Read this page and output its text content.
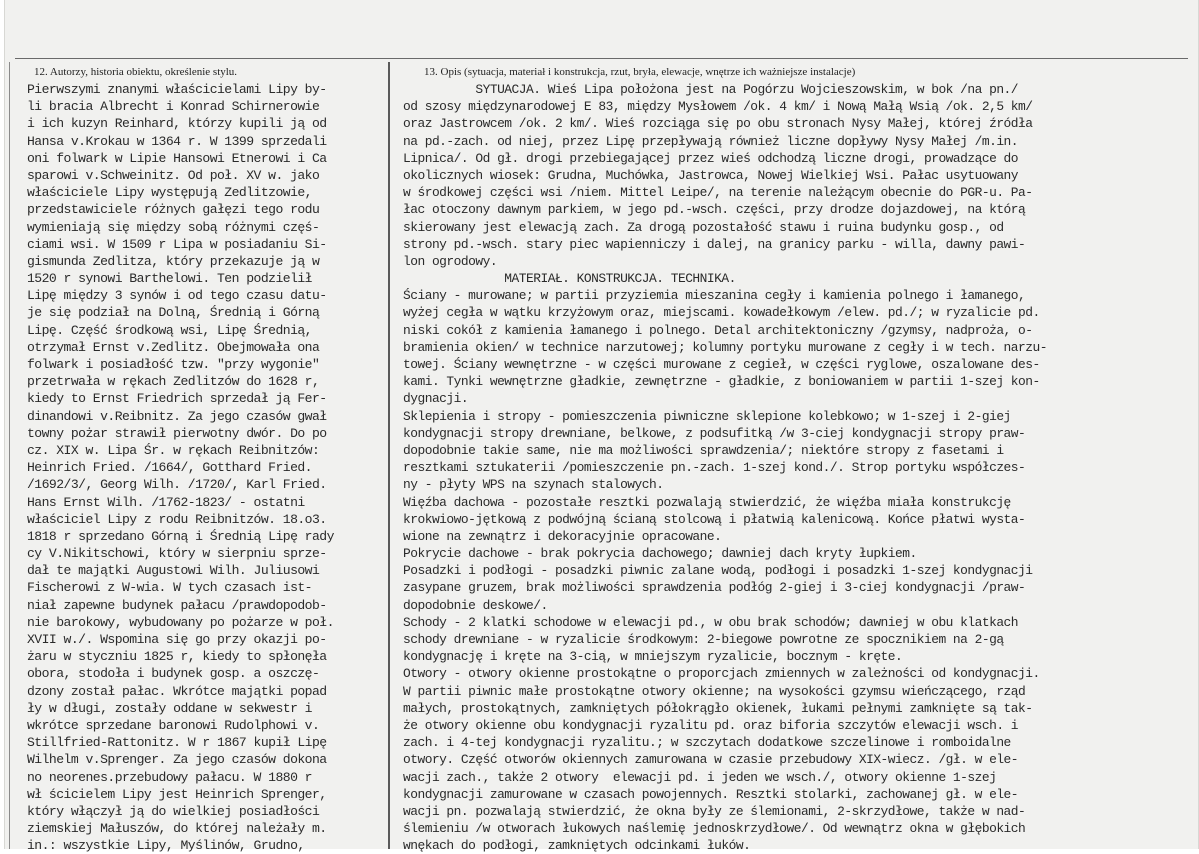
12. Autorzy, historia obiektu, określenie stylu.
Pierwszymi znanymi właścicielami Lipy by-
li bracia Albrecht i Konrad Schirnerowie
i ich kuzyn Reinhard, którzy kupili ją od
Hansa v.Krokau w 1364 r. W 1399 sprzedali
oni folwark w Lipie Hansowi Etnerowi i Ca
sparowi v.Schweinitz. Od poł. XV w. jako
właściciele Lipy występują Zedlitzowie,
przedstawiciele różnych gałęzi tego rodu
wymieniają się między sobą różnymi częś-
ciami wsi. W 1509 r Lipa w posiadaniu Si-
gismunda Zedlitza, który przekazuje ją w
1520 r synowi Barthelowi. Ten podzielił
Lipę między 3 synów i od tego czasu datu-
je się podział na Dolną, Średnią i Górną
Lipę. Część środkową wsi, Lipę Średnią,
otrzymał Ernst v.Zedlitz. Obejmowała ona
folwark i posiadłość tzw. "przy wygonie"
przetrwała w rękach Zedlitzów do 1628 r,
kiedy to Ernst Friedrich sprzedał ją Fer-
dinandowi v.Reibnitz. Za jego czasów gwał
towny pożar strawił pierwotny dwór. Do po
cz. XIX w. Lipa Śr. w rękach Reibnitzów:
Heinrich Fried. /1664/, Gotthard Fried.
/1692/3/, Georg Wilh. /1720/, Karl Fried.
Hans Ernst Wilh. /1762-1823/ - ostatni
właściciel Lipy z rodu Reibnitzów. 18.o3.
1818 r sprzedano Górną i Średnią Lipę rady
cy V.Nikitschowi, który w sierpniu sprze-
dał te majątki Augustowi Wilh. Juliusowi
Fischerowi z W-wia. W tych czasach ist-
niał zapewne budynek pałacu /prawdopodob-
nie barokowy, wybudowany po pożarze w poł.
XVII w./. Wspomina się go przy okazji po-
żaru w styczniu 1825 r, kiedy to spłonęła
obora, stodoła i budynek gosp. a oszczę-
dzony został pałac. Wkrótce majątki popad
ły w długi, zostały oddane w sekwestr i
wkrótce sprzedane baronowi Rudolphowi v.
Stillfried-Rattonitz. W r 1867 kupił Lipę
Wilhelm v.Sprenger. Za jego czasów dokona
no neorenes.przebudowy pałacu. W 1880 r
wł ścicielem Lipy jest Heinrich Sprenger,
który włączył ją do wielkiej posiadłości
ziemskiej Małuszów, do której należały m.
in.: wszystkie Lipy, Myślinów, Grudno,
13. Opis (sytuacja, materiał i konstrukcja, rzut, bryła, elewacje, wnętrze ich ważniejsze instalacje)
SYTUACJA. Wieś Lipa położona jest na Pogórzu Wojcieszowskim, w bok /na pn./
od szosy międzynarodowej E 83, między Mysłowem /ok. 4 km/ i Nową Małą Wsią /ok. 2,5 km/
oraz Jastrowcem /ok. 2 km/. Wieś rozciąga się po obu stronach Nysy Małej, której źródła
na pd.-zach. od niej, przez Lipę przepływają również liczne dopływy Nysy Małej /m.in.
Lipnica/. Od gł. drogi przebiegającej przez wieś odchodzą liczne drogi, prowadzące do
okolicznych wiosek: Grudna, Muchówka, Jastrowca, Nowej Wielkiej Wsi. Pałac usytuowany
w środkowej części wsi /niem. Mittel Leipe/, na terenie należącym obecnie do PGR-u. Pa-
łac otoczony dawnym parkiem, w jego pd.-wsch. części, przy drodze dojazdowej, na którą
skierowany jest elewacją zach. Za drogą pozostałość stawu i ruina budynku gosp., od
strony pd.-wsch. stary piec wapienniczy i dalej, na granicy parku - willa, dawny pawi-
lon ogrodowy.
MATERIAŁ. KONSTRUKCJA. TECHNIKA.
Ściany - murowane; w partii przyziemia mieszanina cegły i kamienia polnego i łamanego,
wyżej cegła w wątku krzyżowym oraz, miejscami. kowadełkowym /elew. pd./; w ryzalicie pd.
niski cokół z kamienia łamanego i polnego. Detal architektoniczny /gzymsy, nadproża, o-
bramienia okien/ w technice narzutowej; kolumny portyku murowane z cegły i w tech. narzu-
towej. Ściany wewnętrzne - w części murowane z cegieł, w części ryglowe, oszalowane des-
kami. Tynki wewnętrzne gładkie, zewnętrzne - gładkie, z boniowaniem w partii 1-szej kon-
dygnacji.
Sklepienia i stropy - pomieszczenia piwniczne sklepione kolebkowo; w 1-szej i 2-giej
kondygnacji stropy drewniane, belkowe, z podsufitką /w 3-ciej kondygnacji stropy praw-
dopodobnie takie same, nie ma możliwości sprawdzenia/; niektóre stropy z fasetami i
resztkami sztukaterii /pomieszczenie pn.-zach. 1-szej kond./. Strop portyku współczes-
ny - płyty WPS na szynach stalowych.
Więźba dachowa - pozostałe resztki pozwalają stwierdzić, że więźba miała konstrukcję
krokwiowo-jętkową z podwójną ścianą stolcową i płatwią kalenicową. Końce płatwi wysta-
wione na zewnątrz i dekoracyjnie opracowane.
Pokrycie dachowe - brak pokrycia dachowego; dawniej dach kryty łupkiem.
Posadzki i podłogi - posadzki piwnic zalane wodą, podłogi i posadzki 1-szej kondygnacji
zasypane gruzem, brak możliwości sprawdzenia podłóg 2-giej i 3-ciej kondygnacji /praw-
dopodobnie deskowe/.
Schody - 2 klatki schodowe w elewacji pd., w obu brak schodów; dawniej w obu klatkach
schody drewniane - w ryzalicie środkowym: 2-biegowe powrotne ze spocznikiem na 2-gą
kondygnację i kręte na 3-cią, w mniejszym ryzalicie, bocznym - kręte.
Otwory - otwory okienne prostokątne o proporcjach zmiennych w zależności od kondygnacji.
W partii piwnic małe prostokątne otwory okienne; na wysokości gzymsu wieńczącego, rząd
małych, prostokątnych, zamkniętych półokrągło okienek, łukami pełnymi zamknięte są tak-
że otwory okienne obu kondygnacji ryzalitu pd. oraz biforia szczytów elewacji wsch. i
zach. i 4-tej kondygnacji ryzalitu.; w szczytach dodatkowe szczelinowe i romboidalne
otwory. Część otworów okiennych zamurowana w czasie przebudowy XIX-wiecz. /gł. w ele-
wacji zach., także 2 otwory  elewacji pd. i jeden we wsch./, otwory okienne 1-szej
kondygnacji zamurowane w czasach powojennych. Resztki stolarki, zachowanej gł. w ele-
wacji pn. pozwalają stwierdzić, że okna były ze ślemionami, 2-skrzydłowe, także w nad-
ślemieniu /w otworach łukowych naślemię jednoskrzydłowe/. Od wewnątrz okna w głębokich
wnękach do podłogi, zamkniętych odcinkami łuków.
